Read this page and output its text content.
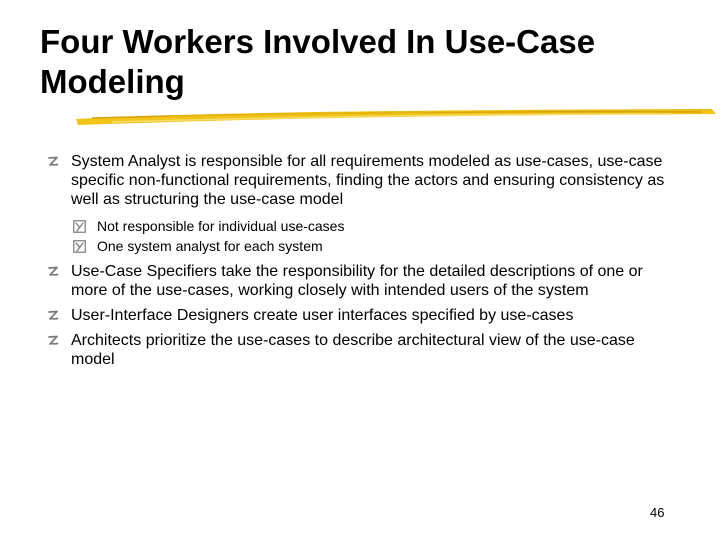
Four Workers Involved In Use-Case Modeling
System Analyst is responsible for all requirements modeled as use-cases, use-case specific non-functional requirements, finding the actors and ensuring consistency as well as structuring the use-case model
Not responsible for individual use-cases
One system analyst for each system
Use-Case Specifiers take the responsibility for the detailed descriptions of one or more of the use-cases, working closely with intended users of the system
User-Interface Designers create user interfaces specified by use-cases
Architects prioritize the use-cases to describe architectural view of the use-case model
46
